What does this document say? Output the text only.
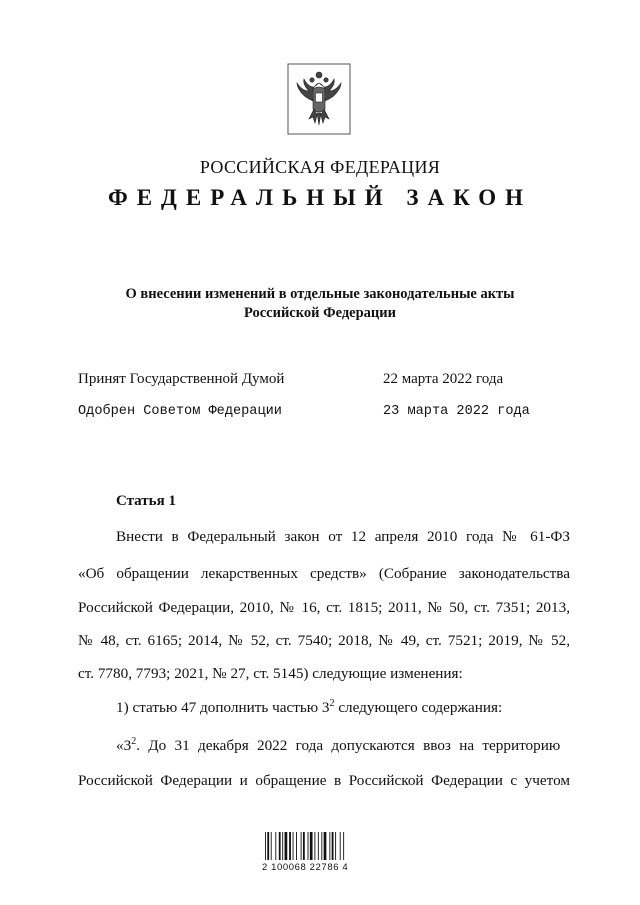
РОССИЙСКАЯ ФЕДЕРАЦИЯ
ФЕДЕРАЛЬНЫЙ ЗАКОН
О внесении изменений в отдельные законодательные акты
Российской Федерации
Принят Государственной Думой	22 марта 2022 года
Одобрен Советом Федерации	23 марта 2022 года
Статья 1
Внести в Федеральный закон от 12 апреля 2010 года № 61-ФЗ
«Об обращении лекарственных средств» (Собрание законодательства
Российской Федерации, 2010, № 16, ст. 1815; 2011, № 50, ст. 7351; 2013,
№ 48, ст. 6165; 2014, № 52, ст. 7540; 2018, № 49, ст. 7521; 2019, № 52,
ст. 7780, 7793; 2021, № 27, ст. 5145) следующие изменения:
1) статью 47 дополнить частью $3^2$ следующего содержания:
«$3^2$. До 31 декабря 2022 года допускаются ввоз на территорию
Российской Федерации и обращение в Российской Федерации с учетом
2 100068 22786 4
